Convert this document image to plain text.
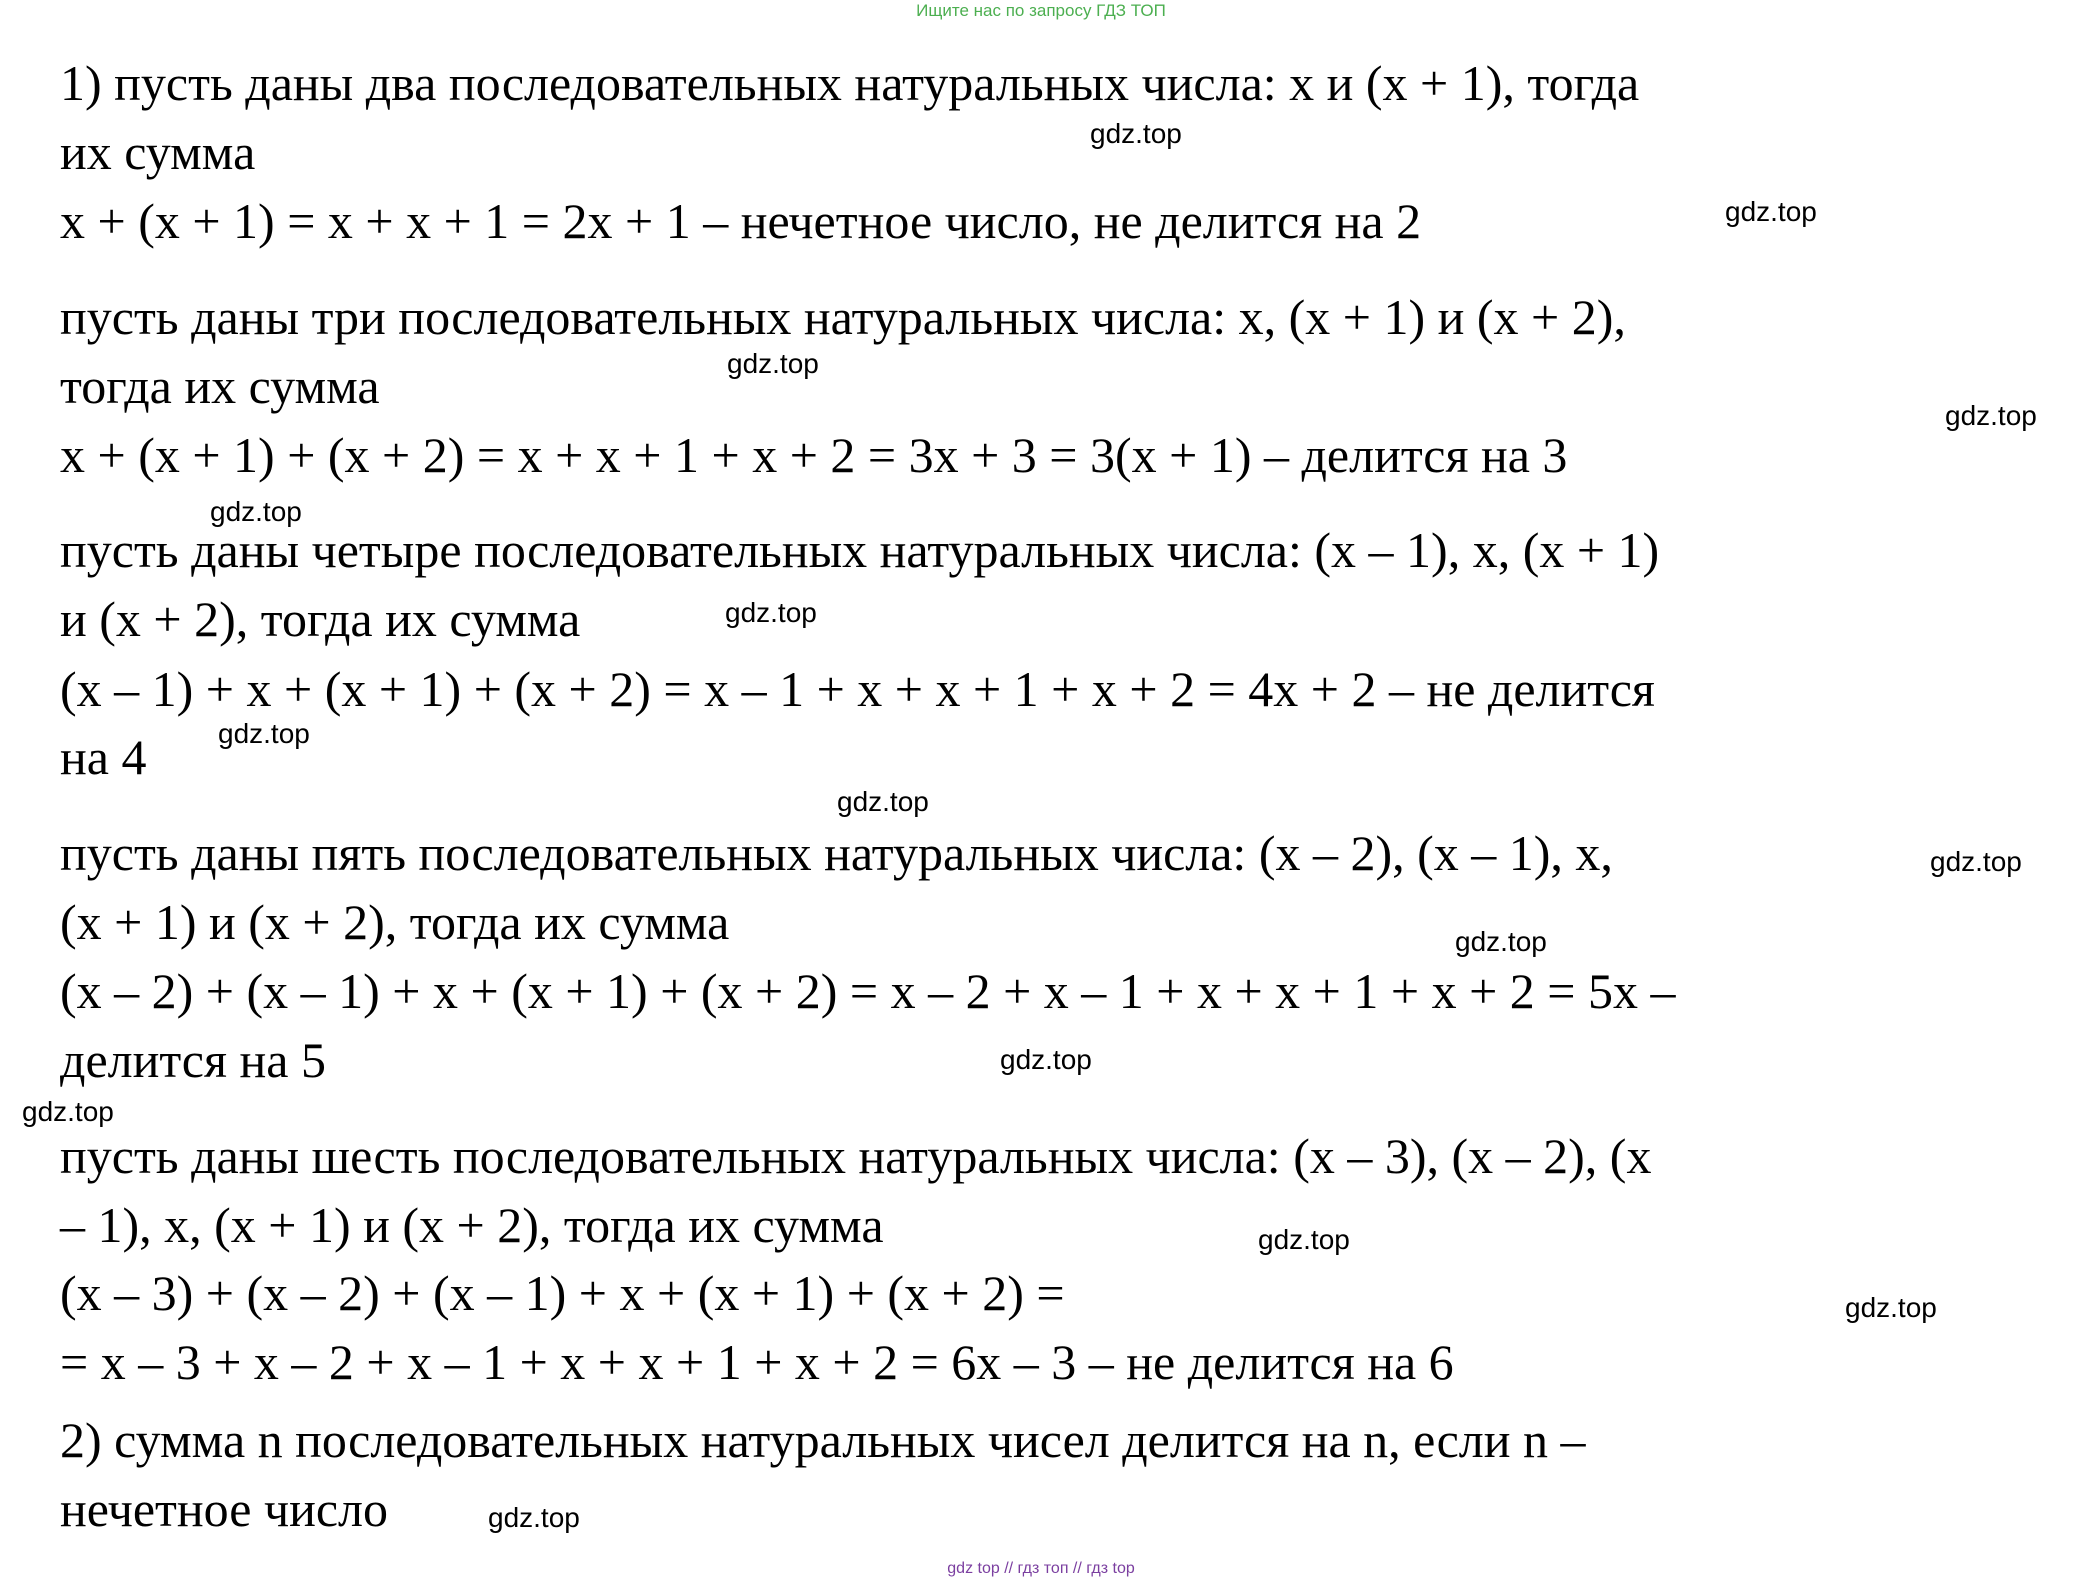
Ищите нас по запросу ГДЗ ТОП
1) пусть даны два последовательных натуральных числа: х и (х + 1), тогда
их сумма
х + (х + 1) = х + х + 1 = 2х + 1 – нечетное число, не делится на 2
пусть даны три последовательных натуральных числа: х, (х + 1) и (х + 2),
тогда их сумма
х + (х + 1) + (х + 2) = х + х + 1 + х + 2 = 3х + 3 = 3(х + 1) – делится на 3
пусть даны четыре последовательных натуральных числа: (х – 1), х, (х + 1)
и (х + 2), тогда их сумма
(х – 1) + х + (х + 1) + (х + 2) = х – 1 + х + х + 1 + х + 2 = 4х + 2 – не делится
на 4
пусть даны пять последовательных натуральных числа: (х – 2), (х – 1), х,
(х + 1) и (х + 2), тогда их сумма
(х – 2) + (х – 1) + х + (х + 1) + (х + 2) = х – 2 + х – 1 + х + х + 1 + х + 2 = 5х –
делится на 5
пусть даны шесть последовательных натуральных числа: (х – 3), (х – 2), (х
– 1), х, (х + 1) и (х + 2), тогда их сумма
(х – 3) + (х – 2) + (х – 1) + х + (х + 1) + (х + 2) =
= х – 3 + х – 2 + х – 1 + х + х + 1 + х + 2 = 6х – 3 – не делится на 6
2) сумма n последовательных натуральных чисел делится на n, если n –
нечетное число
gdz.top
gdz.top
gdz.top
gdz.top
gdz.top
gdz.top
gdz.top
gdz.top
gdz.top
gdz.top
gdz.top
gdz.top
gdz.top
gdz.top
gdz.top
gdz top // гдз топ // гдз top
